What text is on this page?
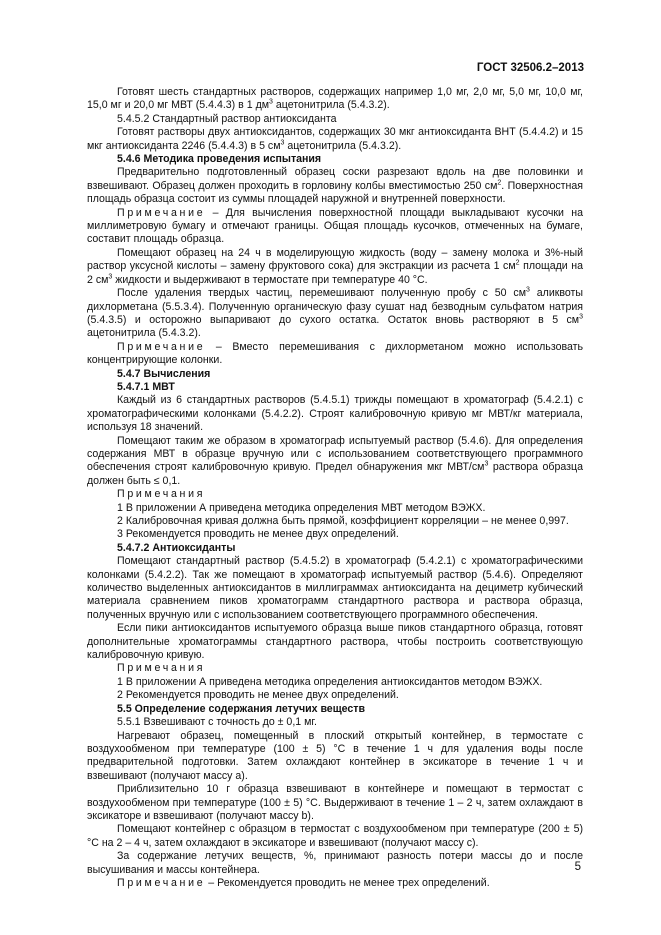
ГОСТ 32506.2–2013

Готовят шесть стандартных растворов, содержащих например 1,0 мг, 2,0 мг, 5,0 мг, 10,0 мг, 15,0 мг и 20,0 мг МВТ (5.4.4.3) в 1 $дм^3$ ацетонитрила (5.4.3.2).

5.4.5.2 Стандартный раствор антиоксиданта

Готовят растворы двух антиоксидантов, содержащих 30 мкг антиоксиданта ВНТ (5.4.4.2) и 15 мкг антиоксиданта 2246 (5.4.4.3) в 5 $см^3$ ацетонитрила (5.4.3.2).

5.4.6 Методика проведения испытания

Предварительно подготовленный образец соски разрезают вдоль на две половинки и взвешивают. Образец должен проходить в горловину колбы вместимостью 250 $см^2$. Поверхностная площадь образца состоит из суммы площадей наружной и внутренней поверхности.

Примечание – Для вычисления поверхностной площади выкладывают кусочки на миллиметровую бумагу и отмечают границы. Общая площадь кусочков, отмеченных на бумаге, составит площадь образца.

Помещают образец на 24 ч в моделирующую жидкость (воду – замену молока и 3%-ный раствор уксусной кислоты – замену фруктового сока) для экстракции из расчета 1 $см^2$ площади на 2 $см^3$ жидкости и выдерживают в термостате при температуре 40 °С.

После удаления твердых частиц, перемешивают полученную пробу с 50 $см^3$ аликвоты дихлорметана (5.5.3.4). Полученную органическую фазу сушат над безводным сульфатом натрия (5.4.3.5) и осторожно выпаривают до сухого остатка. Остаток вновь растворяют в 5 $см^3$ ацетонитрила (5.4.3.2).

Примечание – Вместо перемешивания с дихлорметаном можно использовать концентрирующие колонки.

5.4.7 Вычисления

5.4.7.1 МВТ

Каждый из 6 стандартных растворов (5.4.5.1) трижды помещают в хроматограф (5.4.2.1) с хроматографическими колонками (5.4.2.2). Строят калибровочную кривую мг МВТ/кг материала, используя 18 значений.

Помещают таким же образом в хроматограф испытуемый раствор (5.4.6). Для определения содержания МВТ в образце вручную или с использованием соответствующего программного обеспечения строят калибровочную кривую. Предел обнаружения мкг МВТ/$см^3$ раствора образца должен быть ≤ 0,1.

Примечания

1 В приложении А приведена методика определения МВТ методом ВЭЖХ.

2 Калибровочная кривая должна быть прямой, коэффициент корреляции – не менее 0,997.

3 Рекомендуется проводить не менее двух определений.

5.4.7.2 Антиоксиданты

Помещают стандартный раствор (5.4.5.2) в хроматограф (5.4.2.1) с хроматографическими колонками (5.4.2.2). Так же помещают в хроматограф испытуемый раствор (5.4.6). Определяют количество выделенных антиоксидантов в миллиграммах антиоксиданта на дециметр кубический материала сравнением пиков хроматограмм стандартного раствора и раствора образца, полученных вручную или с использованием соответствующего программного обеспечения.

Если пики антиоксидантов испытуемого образца выше пиков стандартного образца, готовят дополнительные хроматограммы стандартного раствора, чтобы построить соответствующую калибровочную кривую.

Примечания

1 В приложении А приведена методика определения антиоксидантов методом ВЭЖХ.

2 Рекомендуется проводить не менее двух определений.

5.5 Определение содержания летучих веществ

5.5.1 Взвешивают с точность до ± 0,1 мг.

Нагревают образец, помещенный в плоский открытый контейнер, в термостате с воздухообменом при температуре (100 ± 5) °С в течение 1 ч для удаления воды после предварительной подготовки. Затем охлаждают контейнер в эксикаторе в течение 1 ч и взвешивают (получают массу а).

Приблизительно 10 г образца взвешивают в контейнере и помещают в термостат с воздухообменом при температуре (100 ± 5) °С. Выдерживают в течение 1 – 2 ч, затем охлаждают в эксикаторе и взвешивают (получают массу b).

Помещают контейнер с образцом в термостат с воздухообменом при температуре (200 ± 5) °С на 2 – 4 ч, затем охлаждают в эксикаторе и взвешивают (получают массу с).

За содержание летучих веществ, %, принимают разность потери массы до и после высушивания и массы контейнера.

Примечание – Рекомендуется проводить не менее трех определений.

5
